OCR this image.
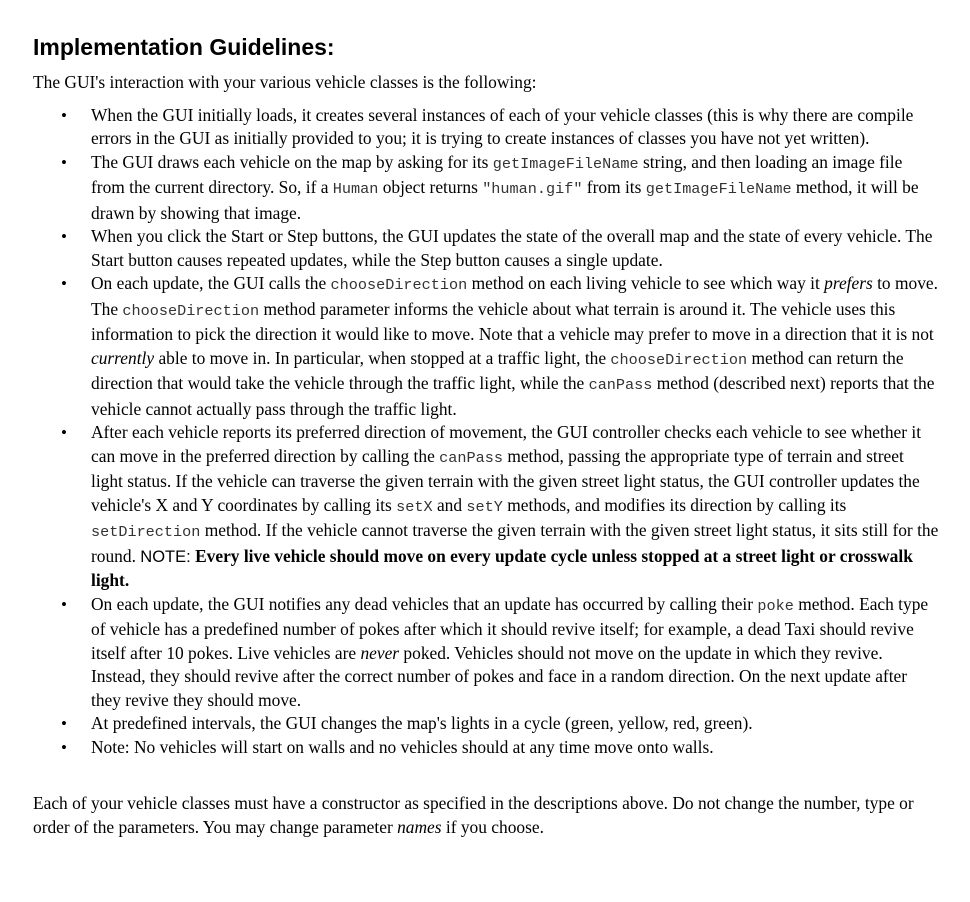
Implementation Guidelines:

The GUI's interaction with your various vehicle classes is the following:

• When the GUI initially loads, it creates several instances of each of your vehicle classes (this is why there are compile errors in the GUI as initially provided to you; it is trying to create instances of classes you have not yet written).
• The GUI draws each vehicle on the map by asking for its getImageFileName string, and then loading an image file from the current directory. So, if a Human object returns "human.gif" from its getImageFileName method, it will be drawn by showing that image.
• When you click the Start or Step buttons, the GUI updates the state of the overall map and the state of every vehicle. The Start button causes repeated updates, while the Step button causes a single update.
• On each update, the GUI calls the chooseDirection method on each living vehicle to see which way it prefers to move. The chooseDirection method parameter informs the vehicle about what terrain is around it. The vehicle uses this information to pick the direction it would like to move. Note that a vehicle may prefer to move in a direction that it is not currently able to move in. In particular, when stopped at a traffic light, the chooseDirection method can return the direction that would take the vehicle through the traffic light, while the canPass method (described next) reports that the vehicle cannot actually pass through the traffic light.
• After each vehicle reports its preferred direction of movement, the GUI controller checks each vehicle to see whether it can move in the preferred direction by calling the canPass method, passing the appropriate type of terrain and street light status. If the vehicle can traverse the given terrain with the given street light status, the GUI controller updates the vehicle's X and Y coordinates by calling its setX and setY methods, and modifies its direction by calling its setDirection method. If the vehicle cannot traverse the given terrain with the given street light status, it sits still for the round. NOTE: Every live vehicle should move on every update cycle unless stopped at a street light or crosswalk light.
• On each update, the GUI notifies any dead vehicles that an update has occurred by calling their poke method. Each type of vehicle has a predefined number of pokes after which it should revive itself; for example, a dead Taxi should revive itself after 10 pokes. Live vehicles are never poked. Vehicles should not move on the update in which they revive. Instead, they should revive after the correct number of pokes and face in a random direction. On the next update after they revive they should move.
• At predefined intervals, the GUI changes the map's lights in a cycle (green, yellow, red, green).
• Note: No vehicles will start on walls and no vehicles should at any time move onto walls.

Each of your vehicle classes must have a constructor as specified in the descriptions above. Do not change the number, type or order of the parameters. You may change parameter names if you choose.
